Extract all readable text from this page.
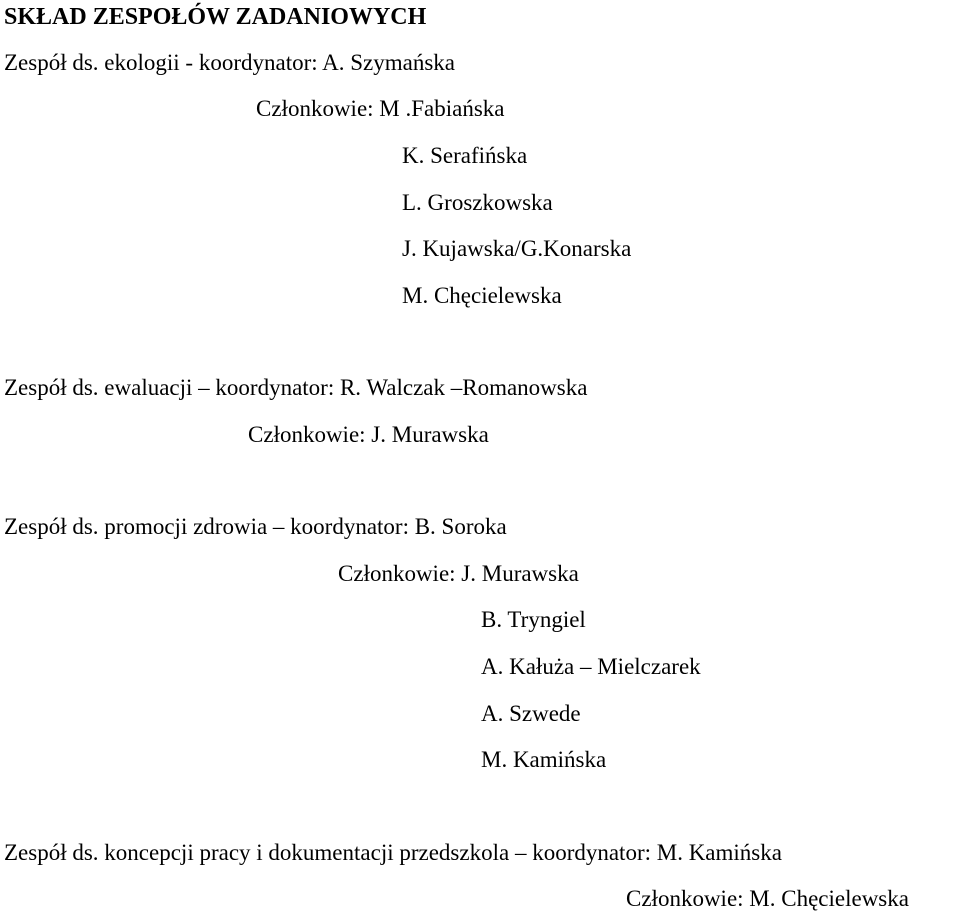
SKŁAD ZESPOŁÓW ZADANIOWYCH
Zespół ds. ekologii - koordynator: A. Szymańska
Członkowie: M .Fabiańska
K. Serafińska
L. Groszkowska
J. Kujawska/G.Konarska
M. Chęcielewska
Zespół ds. ewaluacji – koordynator: R. Walczak –Romanowska
Członkowie: J. Murawska
Zespół ds. promocji zdrowia – koordynator: B. Soroka
Członkowie: J. Murawska
B. Tryngiel
A. Kałuża – Mielczarek
A. Szwede
M. Kamińska
Zespół ds. koncepcji pracy i dokumentacji przedszkola – koordynator: M. Kamińska
Członkowie: M. Chęcielewska
